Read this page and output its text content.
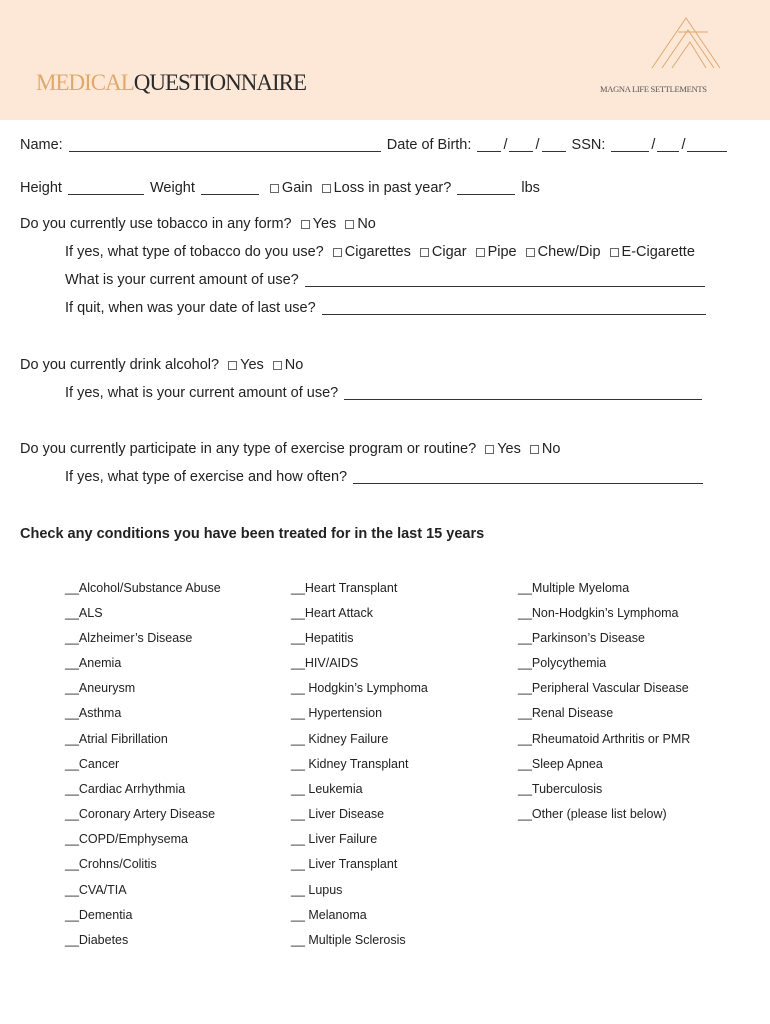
MEDICALQUESTIONNAIRE	MAGNA LIFE SETTLEMENTS
Name:	Date of Birth: / / SSN:	/ /
Height	Weight	Gain Loss in past year?	lbs
Do you currently use tobacco in any form? Yes No
If yes, what type of tobacco do you use? Cigarettes Cigar Pipe Chew/Dip E-Cigarette
What is your current amount of use?
If quit, when was your date of last use?
Do you currently drink alcohol? Yes No
If yes, what is your current amount of use?
Do you currently participate in any type of exercise program or routine? Yes No
If yes, what type of exercise and how often?
Check any conditions you have been treated for in the last 15 years
__Alcohol/Substance Abuse
__ALS
__Alzheimer’s Disease
__Anemia
__Aneurysm
__Asthma
__Atrial Fibrillation
__Cancer
__Cardiac Arrhythmia
__Coronary Artery Disease
__COPD/Emphysema
__Crohns/Colitis
__CVA/TIA
__Dementia
__Diabetes
__Heart Transplant
__Heart Attack
__Hepatitis
__HIV/AIDS
__ Hodgkin’s Lymphoma
__ Hypertension
__ Kidney Failure
__ Kidney Transplant
__ Leukemia
__ Liver Disease
__ Liver Failure
__ Liver Transplant
__ Lupus
__ Melanoma
__ Multiple Sclerosis
__Multiple Myeloma
__Non-Hodgkin’s Lymphoma
__Parkinson’s Disease
__Polycythemia
__Peripheral Vascular Disease
__Renal Disease
__Rheumatoid Arthritis or PMR
__Sleep Apnea
__Tuberculosis
__Other (please list below)
